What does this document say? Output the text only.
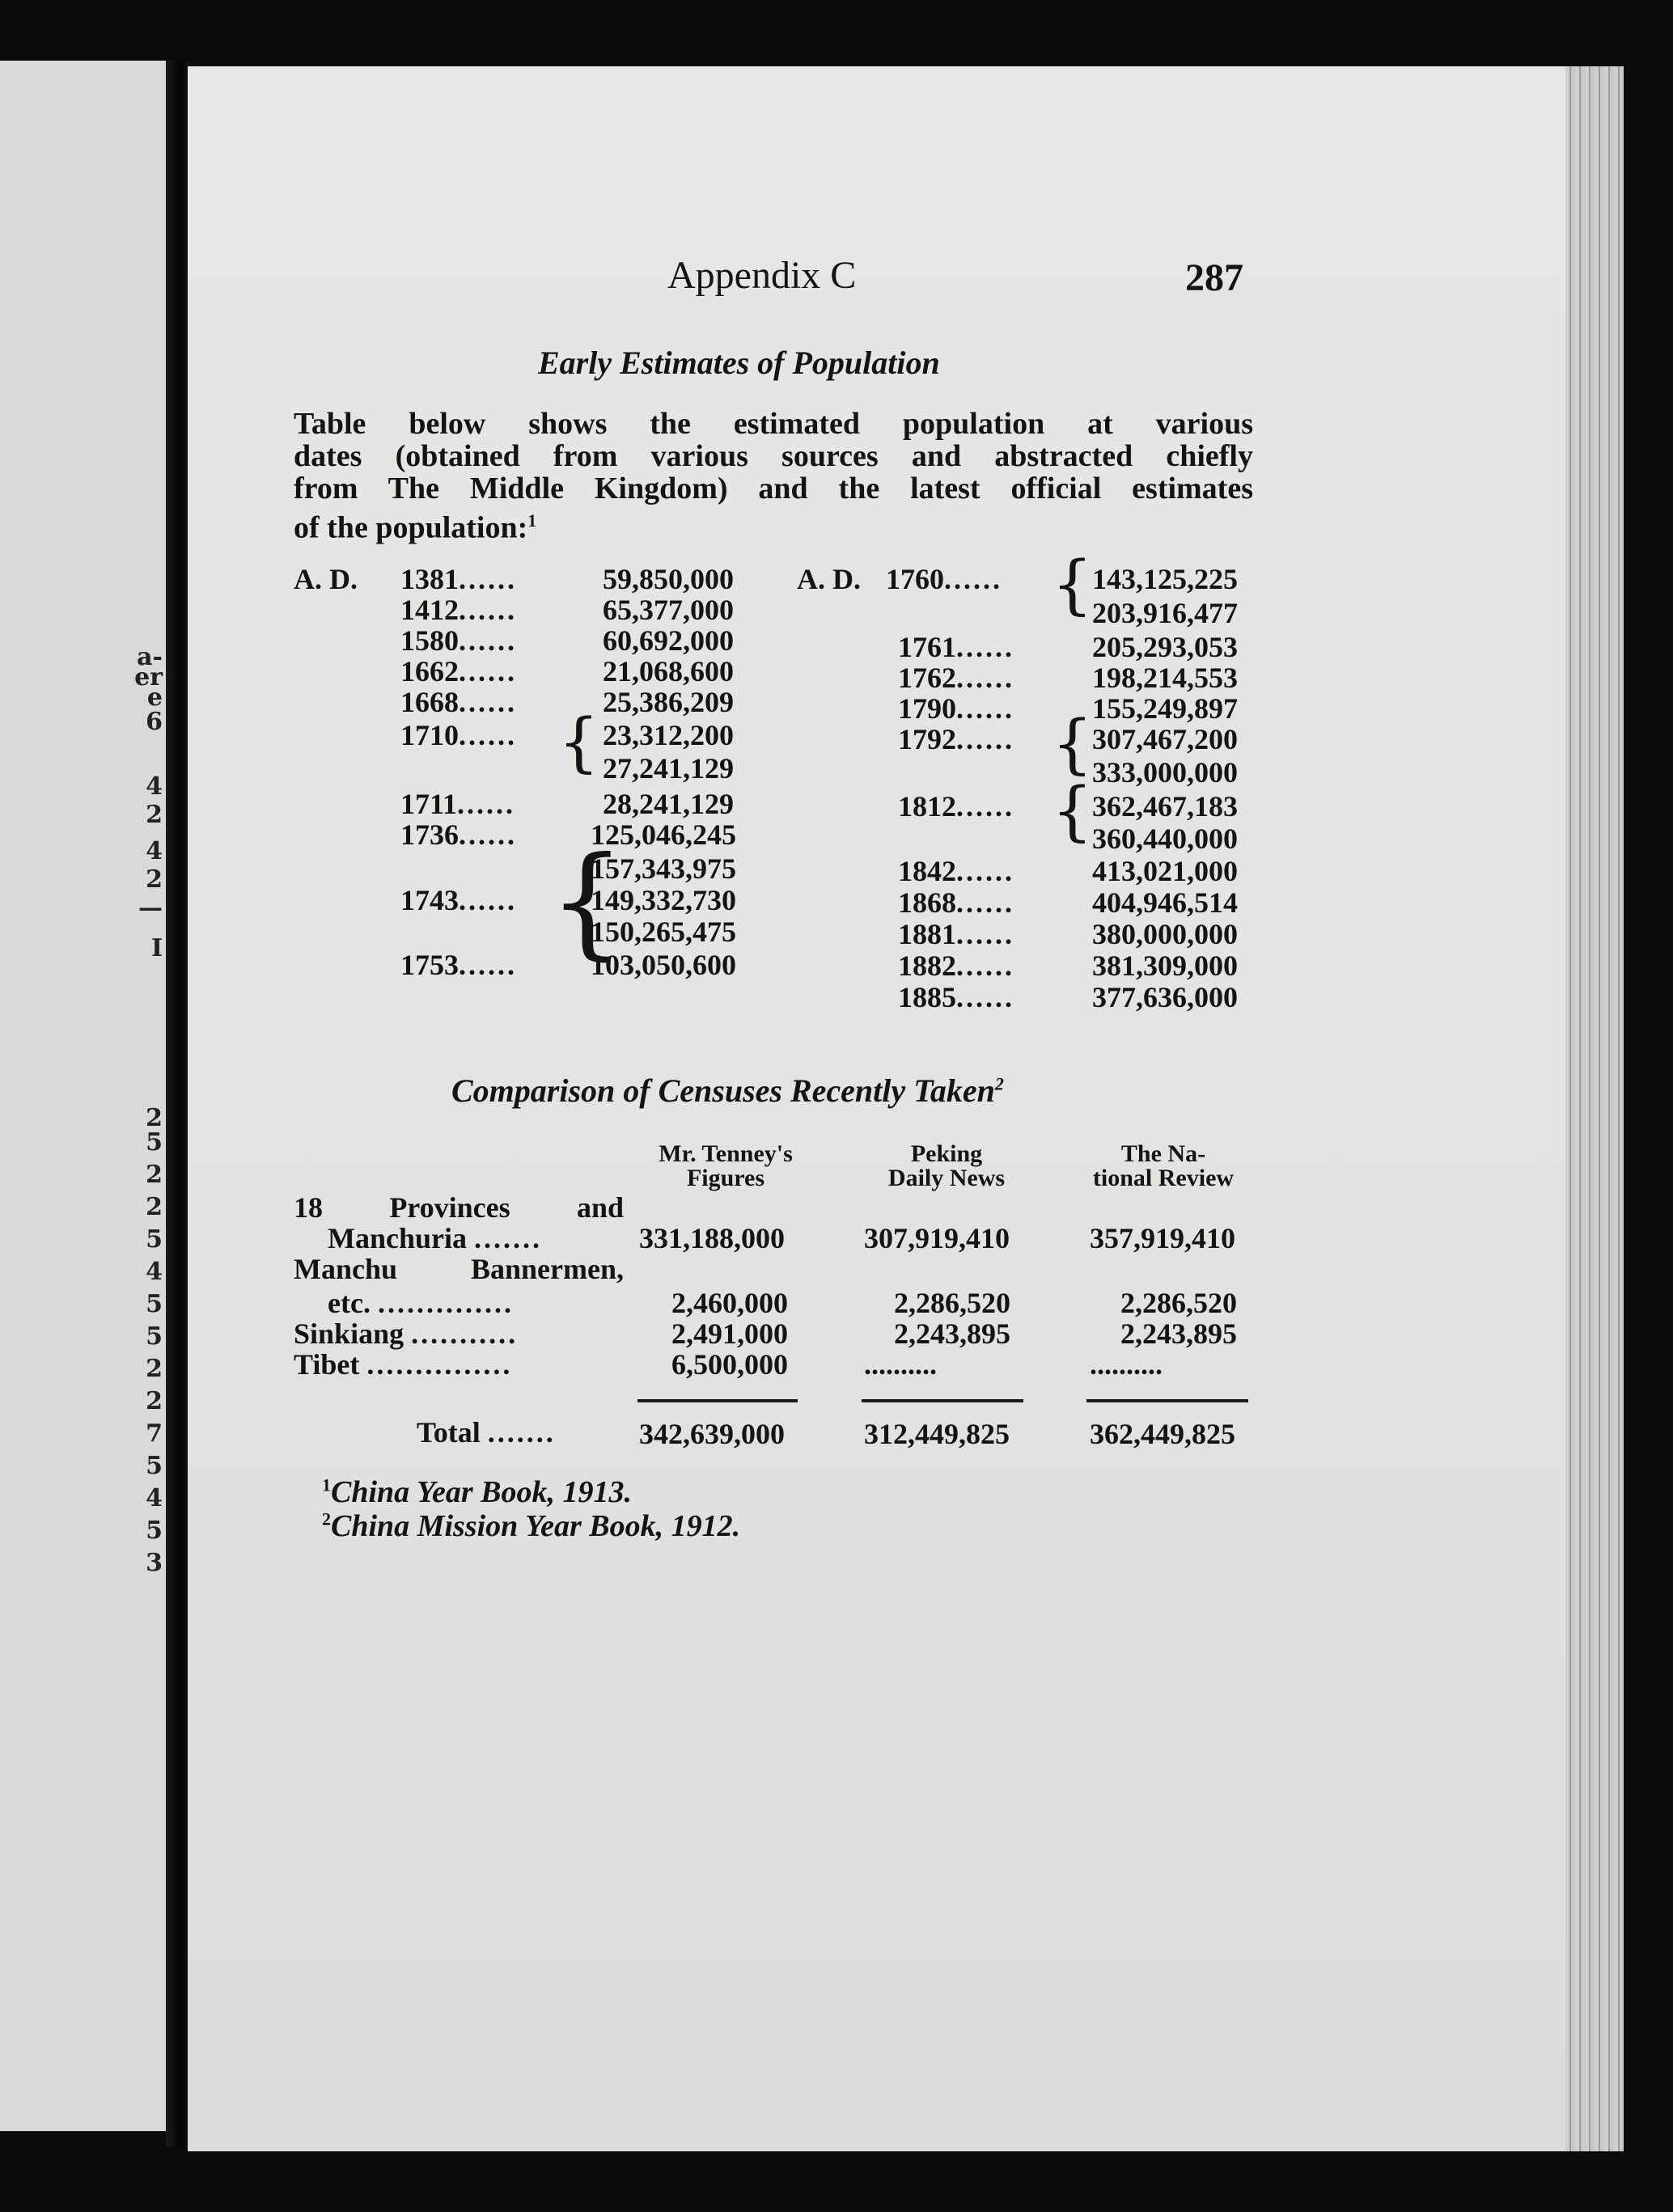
a-
er
e
6
4
2
4
2
—
I
2
5
2
2
5
4
5
5
2
2
7
5
4
5
3
Appendix C	287
Early Estimates of Population
Table below shows the estimated population at various
dates (obtained from various sources and abstracted chiefly
from The Middle Kingdom) and the latest official estimates
of the population:$^1$
A. D. 1381......	59,850,000
1412......	65,377,000
1580......	60,692,000
1662......	21,068,600
1668......	25,386,209
1710...... { 23,312,200
27,241,129
1711......	28,241,129
1736......	125,046,245
1743...... {
157,343,975
149,332,730
150,265,475
1753......	103,050,600
A. D. 1760...... { 143,125,225
203,916,477
1761......	205,293,053
1762......	198,214,553
1790......	155,249,897
1792...... { 307,467,200
333,000,000
1812...... { 362,467,183
360,440,000
1842......	413,021,000
1868......	404,946,514
1881......	380,000,000
1882......	381,309,000
1885......	377,636,000
Comparison of Censuses Recently Taken$^2$
Mr. Tenney's
Figures
Peking
Daily News
The Na-
tional Review
18 Provinces and
Manchuria .......	331,188,000	307,919,410	357,919,410
Manchu Bannermen,
etc. ..............	2,460,000	2,286,520	2,286,520
Sinkiang ...........	2,491,000	2,243,895	2,243,895
Tibet ...............	6,500,000	..........	..........
Total .......	342,639,000	312,449,825	362,449,825
$^1$China Year Book, 1913.
$^2$China Mission Year Book, 1912.
